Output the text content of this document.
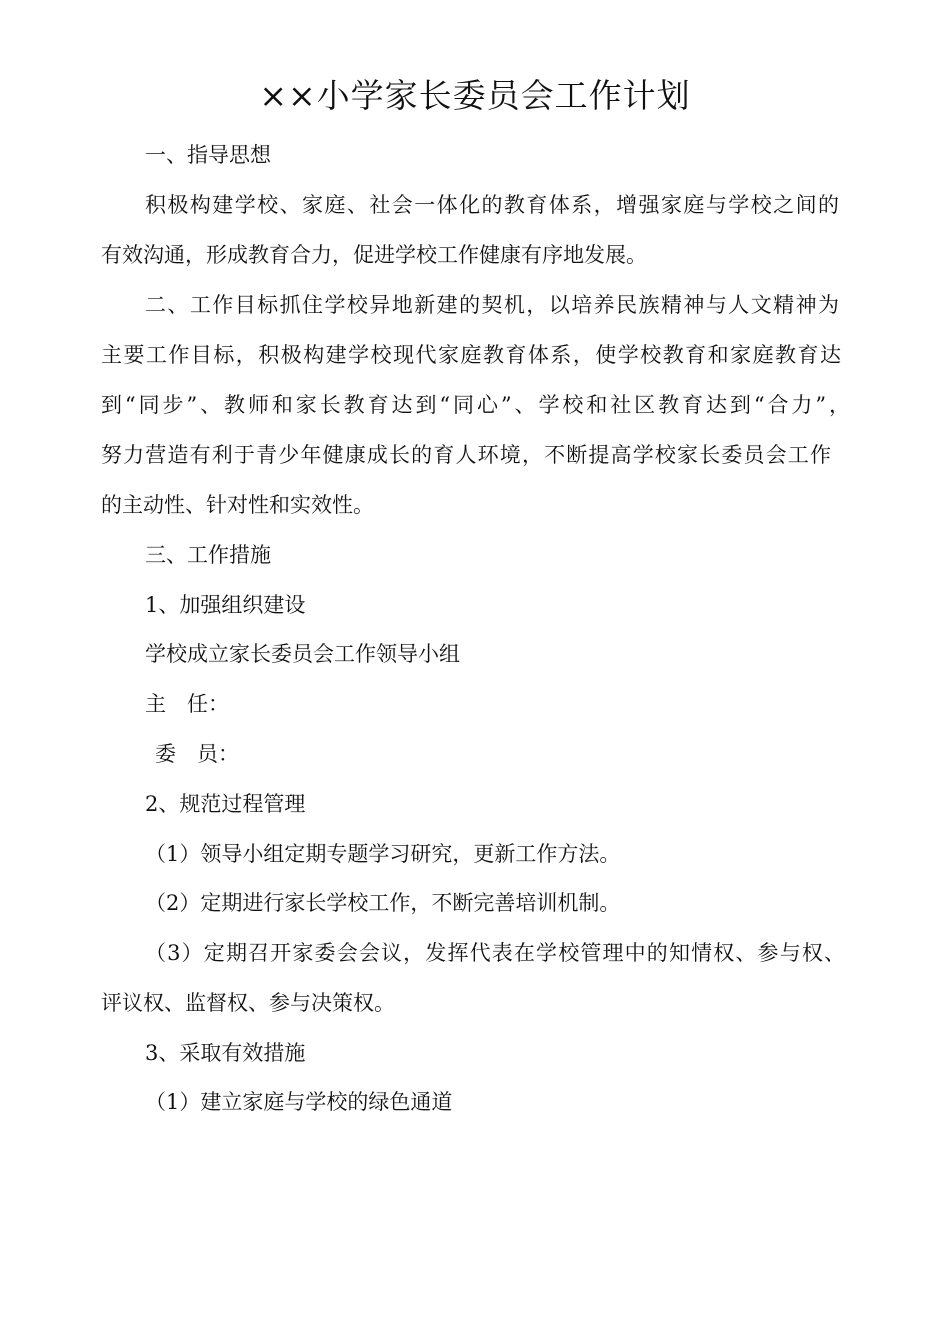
××小学家长委员会工作计划
一、指导思想
积极构建学校、家庭、社会一体化的教育体系，增强家庭与学校之间的
有效沟通，形成教育合力，促进学校工作健康有序地发展。
二、工作目标抓住学校异地新建的契机，以培养民族精神与人文精神为
主要工作目标，积极构建学校现代家庭教育体系，使学校教育和家庭教育达
到“同步”、教师和家长教育达到“同心”、学校和社区教育达到“合力”，
努力营造有利于青少年健康成长的育人环境，不断提高学校家长委员会工作
的主动性、针对性和实效性。
三、工作措施
1、加强组织建设
学校成立家长委员会工作领导小组
主　任：
委　员：
2、规范过程管理
（1）领导小组定期专题学习研究，更新工作方法。
（2）定期进行家长学校工作，不断完善培训机制。
（3）定期召开家委会会议，发挥代表在学校管理中的知情权、参与权、
评议权、监督权、参与决策权。
3、采取有效措施
（1）建立家庭与学校的绿色通道
